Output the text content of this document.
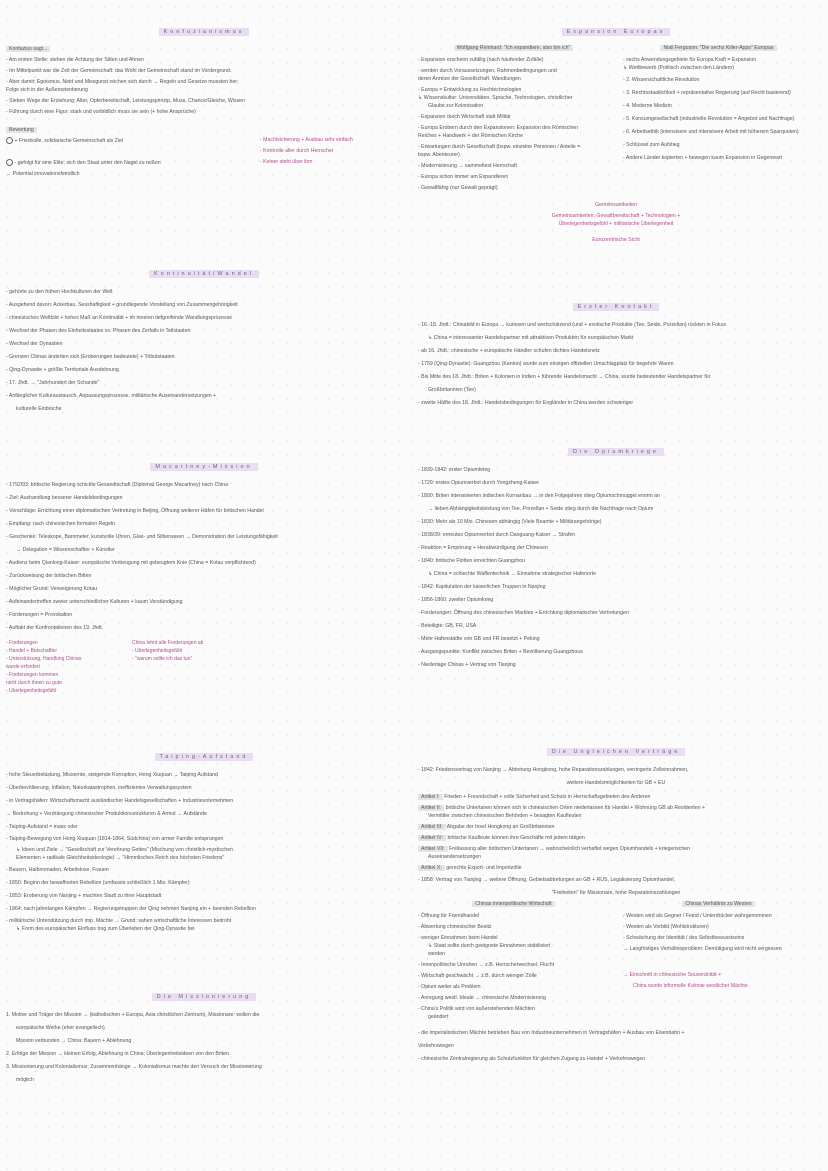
Konfuzianismus
Konfuzius sagt...
- Am ersten Stelle: stehen die Achtung der Sitten und Ahnen
- Im Mittelpunkt war die Zeit der Gemeinschaft: das Wohl der Gemeinschaft stand im Vordergrund.
- Aber damit: Egoismus, Neid und Missgunst reichen sich durch → Regeln und Gesetze mussten her;
Folge sich in der Außenorientierung
- Sieben Wege der Erziehung: Alter, Opferbereitschaft, Leistungsprinzip, Muss, Chance/Gleiche, Wissen
- Führung durch eine Figur: stark und vorbildlich muss sie sein (+ hohe Ansprüche)
Bewertung
+ Friedvolle, solidarische Gemeinschaft als Ziel
- gefolgt für eine Elite; sich den Staat unter den Nagel zu reißen
→ Potential innovationsfeindlich
- Machtsicherung + Ausbau sehr einfach
- Kontrolle aller durch Herrscher
- Keiner steht über ihm
Kontinuität/Wandel
- gehörte zu den frühen Hochkulturen der Welt
- Ausgehend davon: Ackerbau, Sesshaftigkeit + grundlegende Vorstellung von Zusammengehörigkeit
- chinesisches Weltbild + hohes Maß an Kontinuität + im inneren tiefgreifende Wandlungsprozesse
- Wechsel der Phasen des Einheitsstaates vs. Phasen des Zerfalls in Teilstaaten
- Wechsel der Dynastien
- Grenzen Chinas änderten sich (Eroberungen bedeutete) + Tributstaaten
- Qing-Dynastie + größte Territoriale Ausdehnung
- 17. Jhdt. → "Jahrhundert der Schande"
- Anfänglicher Kulturaustausch, Anpassungsprozesse, militärische Auseinandersetzungen +
kulturelle Einbrüche
Macartney-Mission
- 1792/93: britische Regierung schickte Gesandtschaft (Diplomat George Macartney) nach China
- Ziel: Aushandlung besserer Handelsbedingungen
- Vorschläge: Errichtung einer diplomatischen Vertretung in Beijing, Öffnung weiterer Häfen für britischen Handel
- Empfang: nach chinesischen formalen Regeln
- Geschenke: Teleskope, Barometer, kunstvolle Uhren, Glas- und Silberwaren → Demonstration der Leistungsfähigkeit
→ Delegation = Wissenschaftler + Künstler
- Audienz beim Qianlong-Kaiser: europäische Verbeugung mit gebeugtem Knie (China = Kotau verpflichtend)
- Zurückweisung der britischen Bitten
- Möglicher Grund: Verweigerung Kotau
- Aufeinandertreffen zweier unterschiedlicher Kulturen + kaum Verständigung
- Forderungen = Provokation
- Auftakt der Konfrontationen des 19. Jhdt.
- Forderungen
- Handel + Botschaftler
- Unterstützung, Handlung Chinas
wurde erfordert
- Forderungen kommen
nicht durch ihnen zu gute
- Überlegenheitsgefühl
China lehnt alle Forderungen ab
- Überlegenheitsgefühl
- "warum sollte ich das tun"
Taiping-Aufstand
- hohe Steuerbelastung, Missernte, steigende Korruption, Hong Xiuquan → Taiping Aufstand
- Überbevölkerung, Inflation, Naturkatastrophen, ineffizientes Verwaltungssystem
- in Vertragshäfen: Wirtschaftsmacht ausländischer Handelsgesellschaften + Industrieunternehmen
→ Bedrohung + Verdrängung chinesischer Produktionsstrukturen & Armut → Aufstände
- Taiping-Aufstand = mass oder
- Taiping-Bewegung von Hong Xiuquan (1814-1864, Südchina) von armer Familie entsprungen
↳ Ideen und Ziele → "Gesellschaft zur Verehrung Gottes" (Mischung von christlich-mystischen
Elementen + radikale Gleichheitsideologie) → "Himmlisches Reich des höchsten Friedens"
- Bauern, Halbnomaden, Arbeitslose, Frauen
- 1850: Beginn der bewaffneten Rebellion (umfasste schließlich 1 Mio. Kämpfer)
- 1853: Eroberung von Nanjing + machten Stadt zu ihrer Hauptstadt
- 1864: nach jahrelangen Kämpfen → Regierungstruppen der Qing nehmen Nanjing ein + beenden Rebellion
- militärische Unterstützung durch imp. Mächte → Grund: sahen wirtschaftliche Interessen bedroht
↳ Form des europäischen Einfluss trug zum Überleben der Qing-Dynastie bei
Die Missionierung
1. Motive und Träger der Mission → (katholischen + Europa, Asia christlichen Zentrum), Missionare: wollen die
europäische Werke (eher evangelisch)
Mission verbunden → China: Bauern + Ablehnung
2. Erfolge der Mission → kleinen Erfolg, Ablehnung in China; Überlegenheitsideen von den Briten.
3. Missionierung und Kolonialismus: Zusammenhänge → Kolonialismus machte den Versuch der Missionierung
möglich
Expansion Europas
Wolfgang Reinhard: "Ich expandiere, also bin ich"
- Expansion erscheint zufällig (nach häufender Zufälle)
- werden durch Voraussetzungen, Rahmenbedingungen und
deren Anreize der Gesellschaft: Wandlungen
- Europa = Entwicklung zu Hochtechnologien
↳ Wissenskultur: Universitäten, Sprache, Technologien, christlicher
Glaube zur Kolonisation
- Expansion durch Wirtschaft statt Militär
- Europa Erobern durch den Expansionen: Expansion des Römischen
Reiches + Handwerk + der Römischen Kirche
- Erwartungen durch Gesellschaft (bspw. einzelne Personen / Anteile =
bspw. Abenteurer)
- Modernisierung → sammeltest Herrschaft
- Europa schon immer am Expandieren
- Gewaltfähig (nur Gewalt geprägt)
Niall Ferguson: "Die sechs Killer-Apps" Europas
- sechs Anwendungsgebiete für Europa Kraft = Expansion
↳ Wettbewerb (Politisch zwischen den Ländern)
- 2. Wissenschaftliche Revolution
- 3. Rechtsstaatlichkeit + repräsentative Regierung (auf Recht basierend)
- 4. Moderne Medizin
- 5. Konsumgesellschaft (industrielle Revolution = Angebot und Nachfrage)
- 6. Arbeitsethik (intensivere und intensivere Arbeit mit höherem Sparquoten)
- Schlüssel zum Aufstieg
- Andere Länder kopierten + bewegen kaum Expansion in Gegenwart
Gemeinsamkeiten
Gemeinsamkeiten: Gewaltbereitschaft + Technologien +
Überlegenheitsgefühl + militärische Überlegenheit
Eurozentrische Sicht
Erster Kontakt
- 16.-18. Jhdt.: Chinabild in Europa → kuriosen und wertschätzend (und + exotische Produkte (Tee, Seide, Porzellan) rückten in Fokus
↳ China = interessanter Handelspartner mit attraktiven Produkten für europäischen Markt
- ab 16. Jhdt.: chinesische + europäische Händler schufen dichtes Handelsnetz
- 1759 (Qing-Dynastie): Guangzhou (Kanton) wurde zum einzigen offiziellen Umschlagplatz für begehrte Waren
- Bis Mitte des 18. Jhdt.: Briten + Kolonien in Indien + führende Handelsmacht → China, wurde bedeutender Handelspartner für
Großbritannien (Tee)
- zweite Hälfte des 18. Jhdt.: Handelsbedingungen für Engländer in China werden schwieriger
Die Opiumkriege
- 1839-1842: erster Opiumkrieg
- 1729: erstes Opiumverbot durch Yongzheng-Kaiser
- 1800: Briten intensivierten indischen Kornanbau → in den Folgejahren stieg Opiumschmuggel enorm an
→ lieben Abhängigkeitsleistung von Tee, Porzellan + Seide stieg durch die Nachfrage nach Opium
- 1830: Mehr als 10 Mio. Chinesen abhängig (Viele Beamte + Militärangehörige)
- 1838/39: erneutes Opiumverbot durch Daoguang-Kaiser → Strafen
- Reaktion = Empörung + Herabwürdigung der Chinesen
- 1840: britische Flotten erreichten Guangzhou
↳ China = schlechte Waffentechnik → Einnahme strategischer Hafenorte
- 1842: Kapitulation der kaiserlichen Truppen in Nanjing
- 1856-1860: zweiter Opiumkrieg
- Forderungen: Öffnung des chinesischen Marktes + Errichtung diplomatischer Vertretungen
- Beteiligte: GB, FR, USA
- Mehr Hafenstädte von GB und FR besetzt + Peking
- Ausgangspunkte: Konflikt zwischen Briten + Bevölkerung Guangzhous
- Niederlage Chinas + Vertrag von Tianjing
Die Ungleichen Verträge
- 1842: Friedensvertrag von Nanjing → Abtretung Hongkong, hohe Reparationszahlungen, verringerte Zolleinnahmen,
weitere Handelsmöglichkeiten für GB + EU
Artikel I: Frieden + Freundschaft + volle Sicherheit und Schutz in Herrschaftsgebieten des Anderen
Artikel II: britische Untertanen können sich in chinesischen Orten niederlassen für Handel + Wohnung GB ab Residenten +
Vermittler zwischen chinesischen Behörden + besagten Kaufleuten
Artikel III: Abgabe der Insel Hongkong an Großbritannien
Artikel IV: britische Kaufleute können ihre Geschäfte mit jedem tätigen
Artikel VII: Freilassung aller britischen Untertanen → wahrscheinlich verhaftet wegen Opiumhandels + kriegerischen
Auseinandersetzungen
Artikel X: gerechte Export- und Importzölle
- 1858: Vertrag von Tianjing → weitere Öffnung, Gebietsabtretungen an GB + RUS, Legalisierung Opiumhandel,
"Freiheiten" für Missionare, hohe Reparationszahlungen
Chinas innenpolitische Wirtschaft
- Öffnung für Fremdhandel
- Abwertung chinesischer Besitz
- weniger Einnahmen beim Handel
↳ Staat sollte durch geeignete Einnahmen stabilisiert
werden
- Innenpolitische Unruhen → z.B. Herrscherwechsel, Flucht
- Wirtschaft geschwächt → z.B. durch weniger Zölle
- Opium weiter als Problem
- Anregung westl. Ideale → chinesische Modernisierung
- China's Politik wird von außerstehenden Mächten
geändert
Chinas Verhältnis zu Westen
- Westen wird als Gegner / Feind / Unterdrücker wahrgenommen
- Westen als Vorbild (Wohlstrukturen)
- Schwächung der Identität / des Selbstbewusstseins
→ Langfristiges Verhältnisproblem: Demütigung wird nicht vergessen
→ Einschnitt in chinesische Souveränität +
China wurde informelle Kolonie westlicher Mächte
- die imperialistischen Mächte betrieben Bau von Industrieunternehmen in Vertragshäfen + Ausbau von Eisenbahn +
Verkehrswegen
- chinesische Zentralregierung als Schutzfunktion für gleichen Zugang zu Handel + Verkehrswegen
